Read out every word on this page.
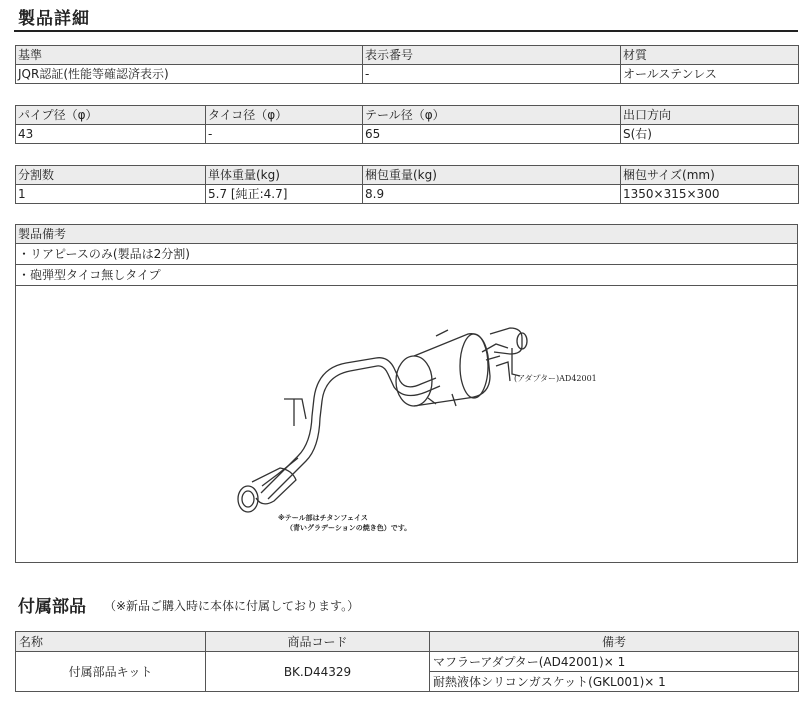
製品詳細
基準	表示番号	材質
JQR認証(性能等確認済表示)	-	オールステンレス
パイプ径（φ）	タイコ径（φ）	テール径（φ）	出口方向
43	-	65	S(右)
分割数	単体重量(kg)	梱包重量(kg)	梱包サイズ(mm)
1	5.7 [純正:4.7]	8.9	1350×315×300
製品備考
・リアピースのみ(製品は2分割)
・砲弾型タイコ無しタイプ
(アダプター)AD42001
※テール部はチタンフェイス
（青いグラデーションの焼き色）です。
付属部品 （※新品ご購入時に本体に付属しております。）
名称	商品コード	備考
付属部品キット	BK.D44329	マフラーアダプター(AD42001)× 1
		耐熱液体シリコンガスケット(GKL001)× 1
